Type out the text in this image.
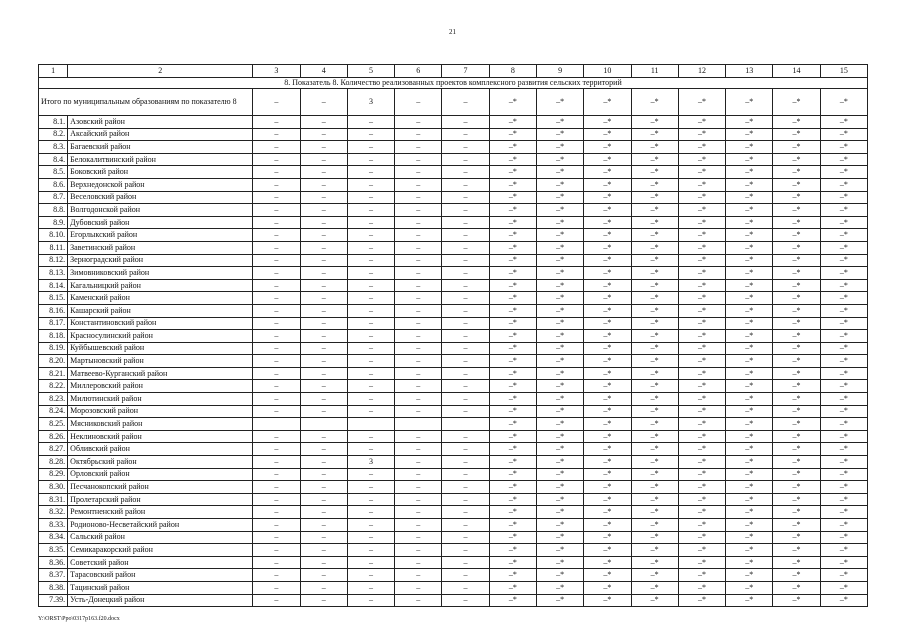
21
1	2	3	4	5	6	7	8	9	10	11	12	13	14	15
8. Показатель 8. Количество реализованных проектов комплексного развития сельских территорий														
Итого по муниципальным образованиям по показателю 8		–	–	3	–	–	–*	–*	–*	–*	–*	–*	–*	–*
8.1.	Азовский район	–	–	–	–	–	–*	–*	–*	–*	–*	–*	–*	–*
8.2.	Аксайский район	–	–	–	–	–	–*	–*	–*	–*	–*	–*	–*	–*
8.3.	Багаевский район	–	–	–	–	–	–*	–*	–*	–*	–*	–*	–*	–*
8.4.	Белокалитвинский район	–	–	–	–	–	–*	–*	–*	–*	–*	–*	–*	–*
8.5.	Боковский район	–	–	–	–	–	–*	–*	–*	–*	–*	–*	–*	–*
8.6.	Верхнедонской район	–	–	–	–	–	–*	–*	–*	–*	–*	–*	–*	–*
8.7.	Веселовский район	–	–	–	–	–	–*	–*	–*	–*	–*	–*	–*	–*
8.8.	Волгодонской район	–	–	–	–	–	–*	–*	–*	–*	–*	–*	–*	–*
8.9.	Дубовский район	–	–	–	–	–	–*	–*	–*	–*	–*	–*	–*	–*
8.10.	Егорлыкский район	–	–	–	–	–	–*	–*	–*	–*	–*	–*	–*	–*
8.11.	Заветинский район	–	–	–	–	–	–*	–*	–*	–*	–*	–*	–*	–*
8.12.	Зерноградский район	–	–	–	–	–	–*	–*	–*	–*	–*	–*	–*	–*
8.13.	Зимовниковский район	–	–	–	–	–	–*	–*	–*	–*	–*	–*	–*	–*
8.14.	Кагальницкий район	–	–	–	–	–	–*	–*	–*	–*	–*	–*	–*	–*
8.15.	Каменский район	–	–	–	–	–	–*	–*	–*	–*	–*	–*	–*	–*
8.16.	Кашарский район	–	–	–	–	–	–*	–*	–*	–*	–*	–*	–*	–*
8.17.	Константиновский район	–	–	–	–	–	–*	–*	–*	–*	–*	–*	–*	–*
8.18.	Красносулинский район	–	–	–	–	–	–*	–*	–*	–*	–*	–*	–*	–*
8.19.	Куйбышевский район	–	–	–	–	–	–*	–*	–*	–*	–*	–*	–*	–*
8.20.	Мартыновский район	–	–	–	–	–	–*	–*	–*	–*	–*	–*	–*	–*
8.21.	Матвеево-Курганский район	–	–	–	–	–	–*	–*	–*	–*	–*	–*	–*	–*
8.22.	Миллеровский район	–	–	–	–	–	–*	–*	–*	–*	–*	–*	–*	–*
8.23.	Милютинский район	–	–	–	–	–	–*	–*	–*	–*	–*	–*	–*	–*
8.24.	Морозовский район	–	–	–	–	–	–*	–*	–*	–*	–*	–*	–*	–*
8.25.	Мясниковский район						–*	–*	–*	–*	–*	–*	–*	–*
8.26.	Неклиновский район	–	–	–	–	–	–*	–*	–*	–*	–*	–*	–*	–*
8.27.	Обливский район	–	–	–	–	–	–*	–*	–*	–*	–*	–*	–*	–*
8.28.	Октябрьский район	–	–	3	–	–	–*	–*	–*	–*	–*	–*	–*	–*
8.29.	Орловский район	–	–	–	–	–	–*	–*	–*	–*	–*	–*	–*	–*
8.30.	Песчанокопский район	–	–	–	–	–	–*	–*	–*	–*	–*	–*	–*	–*
8.31.	Пролетарский район	–	–	–	–	–	–*	–*	–*	–*	–*	–*	–*	–*
8.32.	Ремонтненский район	–	–	–	–	–	–*	–*	–*	–*	–*	–*	–*	–*
8.33.	Родионово-Несветайский район	–	–	–	–	–	–*	–*	–*	–*	–*	–*	–*	–*
8.34.	Сальский район	–	–	–	–	–	–*	–*	–*	–*	–*	–*	–*	–*
8.35.	Семикаракорский район	–	–	–	–	–	–*	–*	–*	–*	–*	–*	–*	–*
8.36.	Советский район	–	–	–	–	–	–*	–*	–*	–*	–*	–*	–*	–*
8.37.	Тарасовский район	–	–	–	–	–	–*	–*	–*	–*	–*	–*	–*	–*
8.38.	Тацинский район	–	–	–	–	–	–*	–*	–*	–*	–*	–*	–*	–*
7.39.	Усть-Донецкий район	–	–	–	–	–	–*	–*	–*	–*	–*	–*	–*	–*
Y:\ORST\Ppo\0317p163.f20.docx
